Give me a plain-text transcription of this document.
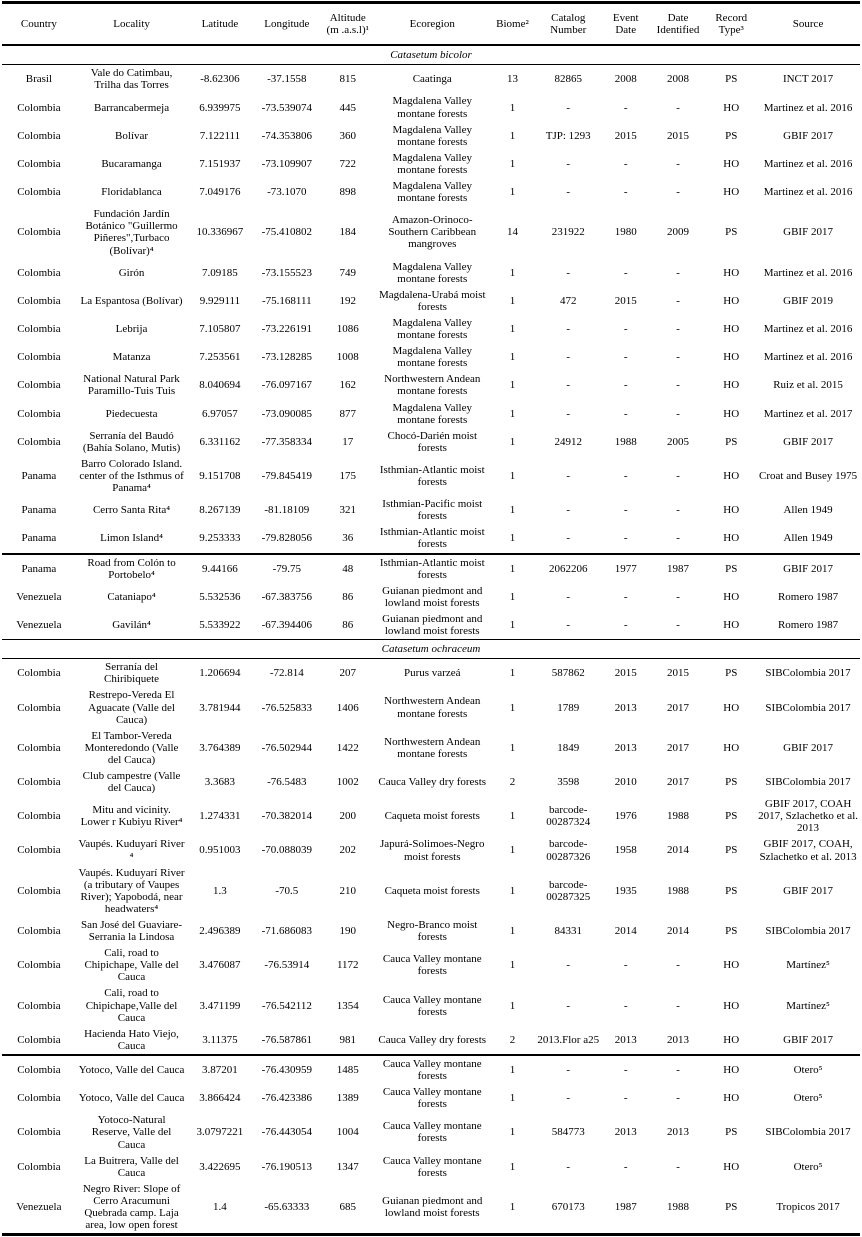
Country	Locality	Latitude	Longitude	Altitude (m .a.s.l)¹	Ecoregion	Biome²	Catalog Number	Event Date	Date Identified	Record Type³	Source
Catasetum bicolor											
Brasil	Vale do Catimbau, Trilha das Torres	-8.62306	-37.1558	815	Caatinga	13	82865	2008	2008	PS	INCT 2017
Colombia	Barrancabermeja	6.939975	-73.539074	445	Magdalena Valley montane forests	1	-	-	-	HO	Martinez et al. 2016
Colombia	Bolívar	7.122111	-74.353806	360	Magdalena Valley montane forests	1	TJP: 1293	2015	2015	PS	GBIF 2017
Colombia	Bucaramanga	7.151937	-73.109907	722	Magdalena Valley montane forests	1	-	-	-	HO	Martinez et al. 2016
Colombia	Floridablanca	7.049176	-73.1070	898	Magdalena Valley montane forests	1	-	-	-	HO	Martinez et al. 2016
Colombia	Fundación Jardín Botánico "Guillermo Piñeres",Turbaco (Bolívar)⁴	10.336967	-75.410802	184	Amazon-Orinoco-Southern Caribbean mangroves	14	231922	1980	2009	PS	GBIF 2017
Colombia	Girón	7.09185	-73.155523	749	Magdalena Valley montane forests	1	-	-	-	HO	Martinez et al. 2016
Colombia	La Espantosa (Bolívar)	9.929111	-75.168111	192	Magdalena-Urabá moist forests	1	472	2015	-	HO	GBIF 2019
Colombia	Lebrija	7.105807	-73.226191	1086	Magdalena Valley montane forests	1	-	-	-	HO	Martinez et al. 2016
Colombia	Matanza	7.253561	-73.128285	1008	Magdalena Valley montane forests	1	-	-	-	HO	Martinez et al. 2016
Colombia	National Natural Park Paramillo-Tuis Tuis	8.040694	-76.097167	162	Northwestern Andean montane forests	1	-	-	-	HO	Ruiz et al. 2015
Colombia	Piedecuesta	6.97057	-73.090085	877	Magdalena Valley montane forests	1	-	-	-	HO	Martinez et al. 2017
Colombia	Serranía del Baudó (Bahía Solano, Mutis)	6.331162	-77.358334	17	Chocó-Darién moist forests	1	24912	1988	2005	PS	GBIF 2017
Panama	Barro Colorado Island. center of the Isthmus of Panama⁴	9.151708	-79.845419	175	Isthmian-Atlantic moist forests	1	-	-	-	HO	Croat and Busey 1975
Panama	Cerro Santa Rita⁴	8.267139	-81.18109	321	Isthmian-Pacific moist forests	1	-	-	-	HO	Allen 1949
Panama	Limon Island⁴	9.253333	-79.828056	36	Isthmian-Atlantic moist forests	1	-	-	-	HO	Allen 1949
Panama	Road from Colón to Portobelo⁴	9.44166	-79.75	48	Isthmian-Atlantic moist forests	1	2062206	1977	1987	PS	GBIF 2017
Venezuela	Cataniapo⁴	5.532536	-67.383756	86	Guianan piedmont and lowland moist forests	1	-	-	-	HO	Romero 1987
Venezuela	Gavilán⁴	5.533922	-67.394406	86	Guianan piedmont and lowland moist forests	1	-	-	-	HO	Romero 1987
Catasetum ochraceum											
Colombia	Serranía del Chiribiquete	1.206694	-72.814	207	Purus varzeá	1	587862	2015	2015	PS	SIBColombia 2017
Colombia	Restrepo-Vereda El Aguacate (Valle del Cauca)	3.781944	-76.525833	1406	Northwestern Andean montane forests	1	1789	2013	2017	HO	SIBColombia 2017
Colombia	El Tambor-Vereda Monteredondo (Valle del Cauca)	3.764389	-76.502944	1422	Northwestern Andean montane forests	1	1849	2013	2017	HO	GBIF 2017
Colombia	Club campestre (Valle del Cauca)	3.3683	-76.5483	1002	Cauca Valley dry forests	2	3598	2010	2017	PS	SIBColombia 2017
Colombia	Mitu and vicinity. Lower r Kubiyu River⁴	1.274331	-70.382014	200	Caqueta moist forests	1	barcode-00287324	1976	1988	PS	GBIF 2017, COAH 2017, Szlachetko et al. 2013
Colombia	Vaupés. Kuduyarí River ⁴	0.951003	-70.088039	202	Japurá-Solimoes-Negro moist forests	1	barcode-00287326	1958	2014	PS	GBIF 2017, COAH, Szlachetko et al. 2013
Colombia	Vaupés. Kuduyarí River (a tributary of Vaupes River); Yapobodá, near headwaters⁴	1.3	-70.5	210	Caqueta moist forests	1	barcode-00287325	1935	1988	PS	GBIF 2017
Colombia	San José del Guaviare-Serrania la Lindosa	2.496389	-71.686083	190	Negro-Branco moist forests	1	84331	2014	2014	PS	SIBColombia 2017
Colombia	Cali, road to Chipichape, Valle del Cauca	3.476087	-76.53914	1172	Cauca Valley montane forests	1	-	-	-	HO	Martínez⁵
Colombia	Cali, road to Chipichape,Valle del Cauca	3.471199	-76.542112	1354	Cauca Valley montane forests	1	-	-	-	HO	Martínez⁵
Colombia	Hacienda Hato Viejo, Cauca	3.11375	-76.587861	981	Cauca Valley dry forests	2	2013.Flor a25	2013	2013	HO	GBIF 2017
Colombia	Yotoco, Valle del Cauca	3.87201	-76.430959	1485	Cauca Valley montane forests	1	-	-	-	HO	Otero⁵
Colombia	Yotoco, Valle del Cauca	3.866424	-76.423386	1389	Cauca Valley montane forests	1	-	-	-	HO	Otero⁵
Colombia	Yotoco-Natural Reserve, Valle del Cauca	3.0797221	-76.443054	1004	Cauca Valley montane forests	1	584773	2013	2013	PS	SIBColombia 2017
Colombia	La Buitrera, Valle del Cauca	3.422695	-76.190513	1347	Cauca Valley montane forests	1	-	-	-	HO	Otero⁵
Venezuela	Negro River: Slope of Cerro Aracumuni Quebrada camp. Laja area, low open forest	1.4	-65.63333	685	Guianan piedmont and lowland moist forests	1	670173	1987	1988	PS	Tropicos 2017
